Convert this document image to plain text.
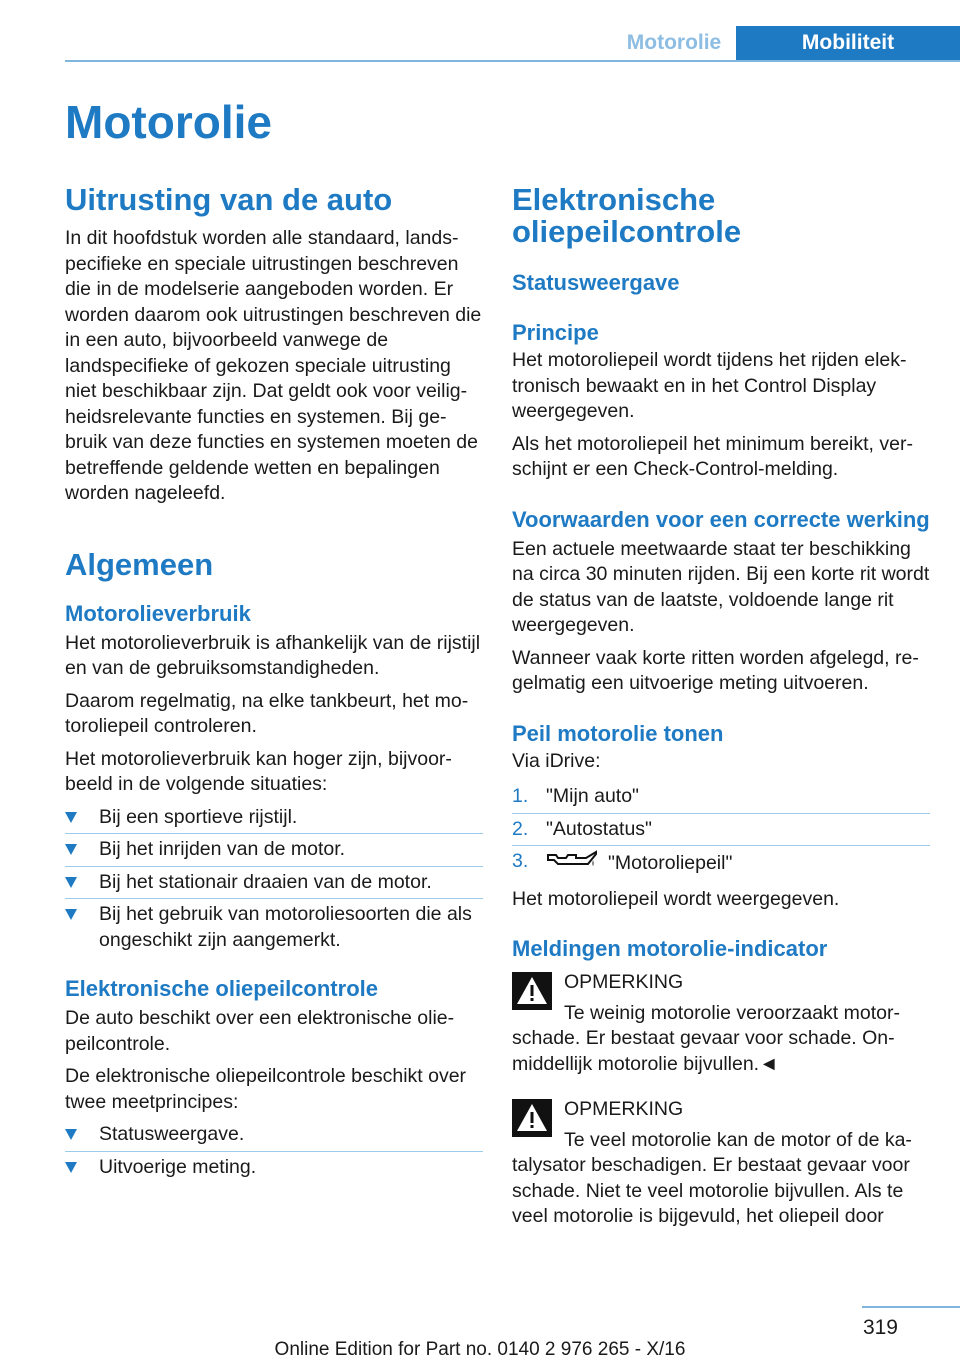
Motorolie	Mobiliteit
Motorolie
Uitrusting van de auto

In dit hoofdstuk worden alle standaard, lands-pecifieke en speciale uitrustingen beschreven die in de modelserie aangeboden worden. Er worden daarom ook uitrustingen beschreven die in een auto, bijvoorbeeld vanwege de landspecifieke of gekozen speciale uitrusting niet beschikbaar zijn. Dat geldt ook voor veilig-heidsrelevante functies en systemen. Bij ge-bruik van deze functies en systemen moeten de betreffende geldende wetten en bepalingen worden nageleefd.

Algemeen
Motorolieverbruik

Het motorolieverbruik is afhankelijk van de rijstijl en van de gebruiksomstandigheden.

Daarom regelmatig, na elke tankbeurt, het mo-toroliepeil controleren.

Het motorolieverbruik kan hoger zijn, bijvoor-beeld in de volgende situaties:

Bij een sportieve rijstijl.
Bij het inrijden van de motor.
Bij het stationair draaien van de motor.
Bij het gebruik van motoroliesoorten die als ongeschikt zijn aangemerkt.
Elektronische oliepeilcontrole

De auto beschikt over een elektronische olie-peilcontrole.

De elektronische oliepeilcontrole beschikt over twee meetprincipes:

Statusweergave.
Uitvoerige meting.
Elektronische oliepeilcontrole
Statusweergave
Principe

Het motoroliepeil wordt tijdens het rijden elek-tronisch bewaakt en in het Control Display weergegeven.

Als het motoroliepeil het minimum bereikt, ver-schijnt er een Check-Control-melding.

Voorwaarden voor een correcte werking

Een actuele meetwaarde staat ter beschikking na circa 30 minuten rijden. Bij een korte rit wordt de status van de laatste, voldoende lange rit weergegeven.

Wanneer vaak korte ritten worden afgelegd, re-gelmatig een uitvoerige meting uitvoeren.

Peil motorolie tonen

Via iDrive:

1. "Mijn auto"
2. "Autostatus"
3.	"Motoroliepeil"

Het motoroliepeil wordt weergegeven.

Meldingen motorolie-indicator
OPMERKING

Te weinig motorolie veroorzaakt motor-schade. Er bestaat gevaar voor schade. On-middellijk motorolie bijvullen.◄

OPMERKING

Te veel motorolie kan de motor of de ka-talysator beschadigen. Er bestaat gevaar voor schade. Niet te veel motorolie bijvullen. Als te veel motorolie is bijgevuld, het oliepeil door

319
Online Edition for Part no. 0140 2 976 265 - X/16
